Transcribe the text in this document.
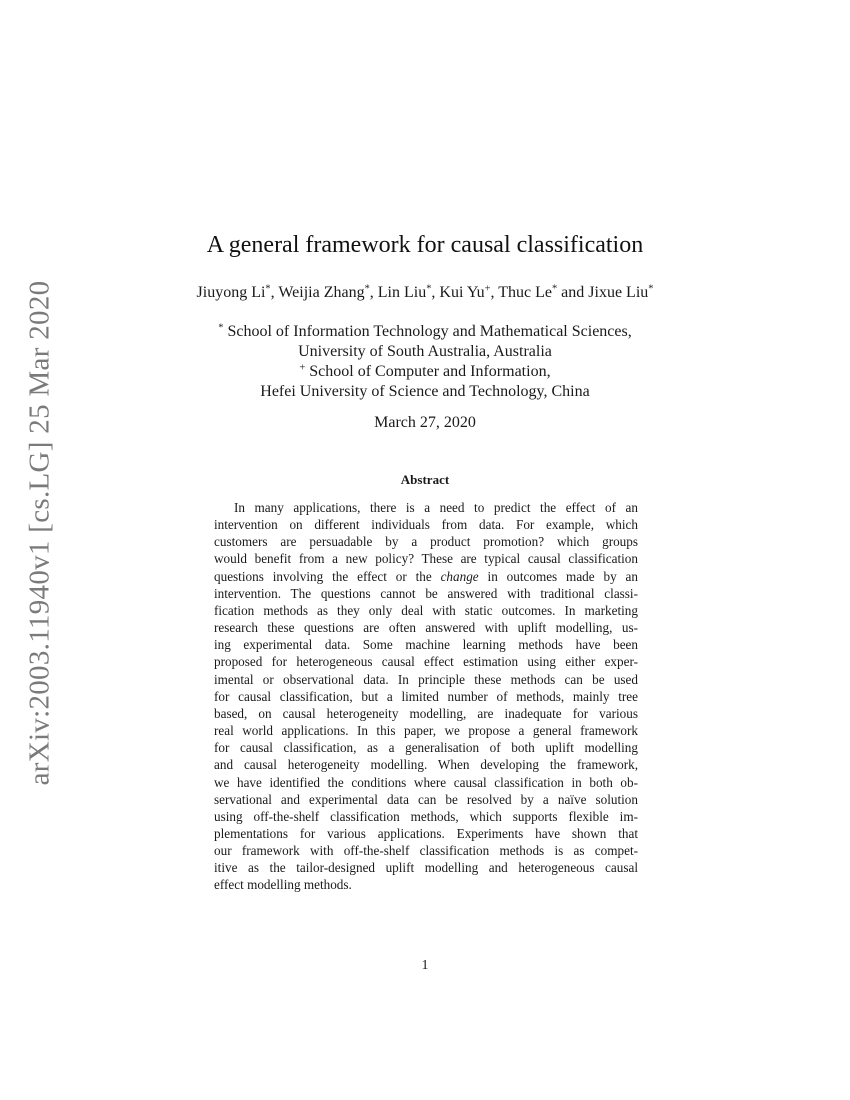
arXiv:2003.11940v1 [cs.LG] 25 Mar 2020
A general framework for causal classification
Jiuyong Li*, Weijia Zhang*, Lin Liu*, Kui Yu+, Thuc Le* and Jixue Liu*
* School of Information Technology and Mathematical Sciences,
University of South Australia, Australia
+ School of Computer and Information,
Hefei University of Science and Technology, China
March 27, 2020
Abstract
In many applications, there is a need to predict the effect of an
intervention on different individuals from data. For example, which
customers are persuadable by a product promotion? which groups
would benefit from a new policy? These are typical causal classification
questions involving the effect or the change in outcomes made by an
intervention. The questions cannot be answered with traditional classi-
fication methods as they only deal with static outcomes. In marketing
research these questions are often answered with uplift modelling, us-
ing experimental data. Some machine learning methods have been
proposed for heterogeneous causal effect estimation using either exper-
imental or observational data. In principle these methods can be used
for causal classification, but a limited number of methods, mainly tree
based, on causal heterogeneity modelling, are inadequate for various
real world applications. In this paper, we propose a general framework
for causal classification, as a generalisation of both uplift modelling
and causal heterogeneity modelling. When developing the framework,
we have identified the conditions where causal classification in both ob-
servational and experimental data can be resolved by a naïve solution
using off-the-shelf classification methods, which supports flexible im-
plementations for various applications. Experiments have shown that
our framework with off-the-shelf classification methods is as compet-
itive as the tailor-designed uplift modelling and heterogeneous causal
effect modelling methods.
1
